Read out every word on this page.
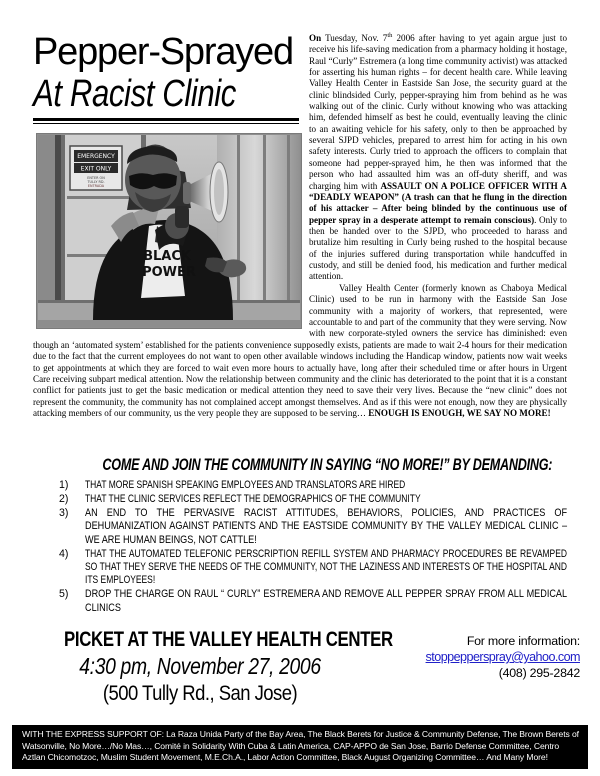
Pepper-Sprayed
At Racist Clinic
EMERGENCY
EXIT ONLY
ENTER ON
TULLY RD.
ENTRADA
BLACK
POWER

On Tuesday, Nov. 7th 2006 after having to yet again argue just to receive his life-saving medication from a pharmacy holding it hostage, Raul “Curly” Estremera (a long time community activist) was attacked for asserting his human rights – for decent health care. While leaving Valley Health Center in Eastside San Jose, the security guard at the clinic blindsided Curly, pepper-spraying him from behind as he was walking out of the clinic. Curly without knowing who was attacking him, defended himself as best he could, eventually leaving the clinic to an awaiting vehicle for his safety, only to then be approached by several SJPD vehicles, prepared to arrest him for acting in his own safety interests. Curly tried to approach the officers to complain that someone had pepper-sprayed him, he then was informed that the person who had assaulted him was an off-duty sheriff, and was charging him with ASSAULT ON A POLICE OFFICER WITH A “DEADLY WEAPON” (A trash can that he flung in the direction of his attacker – After being blinded by the continuous use of pepper spray in a desperate attempt to remain conscious). Only to then be handed over to the SJPD, who proceeded to harass and brutalize him resulting in Curly being rushed to the hospital because of the injuries suffered during transportation while handcuffed in custody, and still be denied food, his medication and further medical attention.

Valley Health Center (formerly known as Chaboya Medical Clinic) used to be run in harmony with the Eastside San Jose community with a majority of workers, that represented, were accountable to and part of the community that they were serving. Now with new corporate-styled owners the service has diminished: even though an ‘automated system’ established for the patients convenience supposedly exists, patients are made to wait 2-4 hours for their medication due to the fact that the current employees do not want to open other available windows including the Handicap window, patients now wait weeks to get appointments at which they are forced to wait even more hours to actually have, long after their scheduled time or after hours in Urgent Care receiving subpart medical attention. Now the relationship between community and the clinic has deteriorated to the point that it is a constant conflict for patients just to get the basic medication or medical attention they need to save their very lives. Because the “new clinic” does not represent the community, the community has not complained accept amongst themselves. And as if this were not enough, now they are physically attacking members of our community, us the very people they are supposed to be serving… ENOUGH IS ENOUGH, WE SAY NO MORE!

COME AND JOIN THE COMMUNITY IN SAYING “NO MORE!” BY DEMANDING:
THAT MORE SPANISH SPEAKING EMPLOYEES AND TRANSLATORS ARE HIRED
THAT THE CLINIC SERVICES REFLECT THE DEMOGRAPHICS OF THE COMMUNITY
AN END TO THE PERVASIVE RACIST ATTITUDES, BEHAVIORS, POLICIES, AND PRACTICES OF DEHUMANIZATION AGAINST PATIENTS AND THE EASTSIDE COMMUNITY BY THE VALLEY MEDICAL CLINIC – WE ARE HUMAN BEINGS, NOT CATTLE!
THAT THE AUTOMATED TELEFONIC PERSCRIPTION REFILL SYSTEM AND PHARMACY PROCEDURES BE REVAMPED SO THAT THEY SERVE THE NEEDS OF THE COMMUNITY, NOT THE LAZINESS AND INTERESTS OF THE HOSPITAL AND ITS EMPLOYEES!
DROP THE CHARGE ON RAUL “ CURLY” ESTREMERA AND REMOVE ALL PEPPER SPRAY FROM ALL MEDICAL CLINICS
PICKET AT THE VALLEY HEALTH CENTER
4:30 pm, November 27, 2006
(500 Tully Rd., San Jose)
For more information:
stoppepperspray@yahoo.com
(408) 295-2842
WITH THE EXPRESS SUPPORT OF: La Raza Unida Party of the Bay Area, The Black Berets for Justice & Community Defense, The Brown Berets of Watsonville, No More…/No Mas…, Comité in Solidarity With Cuba & Latin America, CAP-APPO de San Jose, Barrio Defense Committee, Centro Aztlan Chicomotzoc, Muslim Student Movement, M.E.Ch.A., Labor Action Committee, Black August Organizing Committee… And Many More!
